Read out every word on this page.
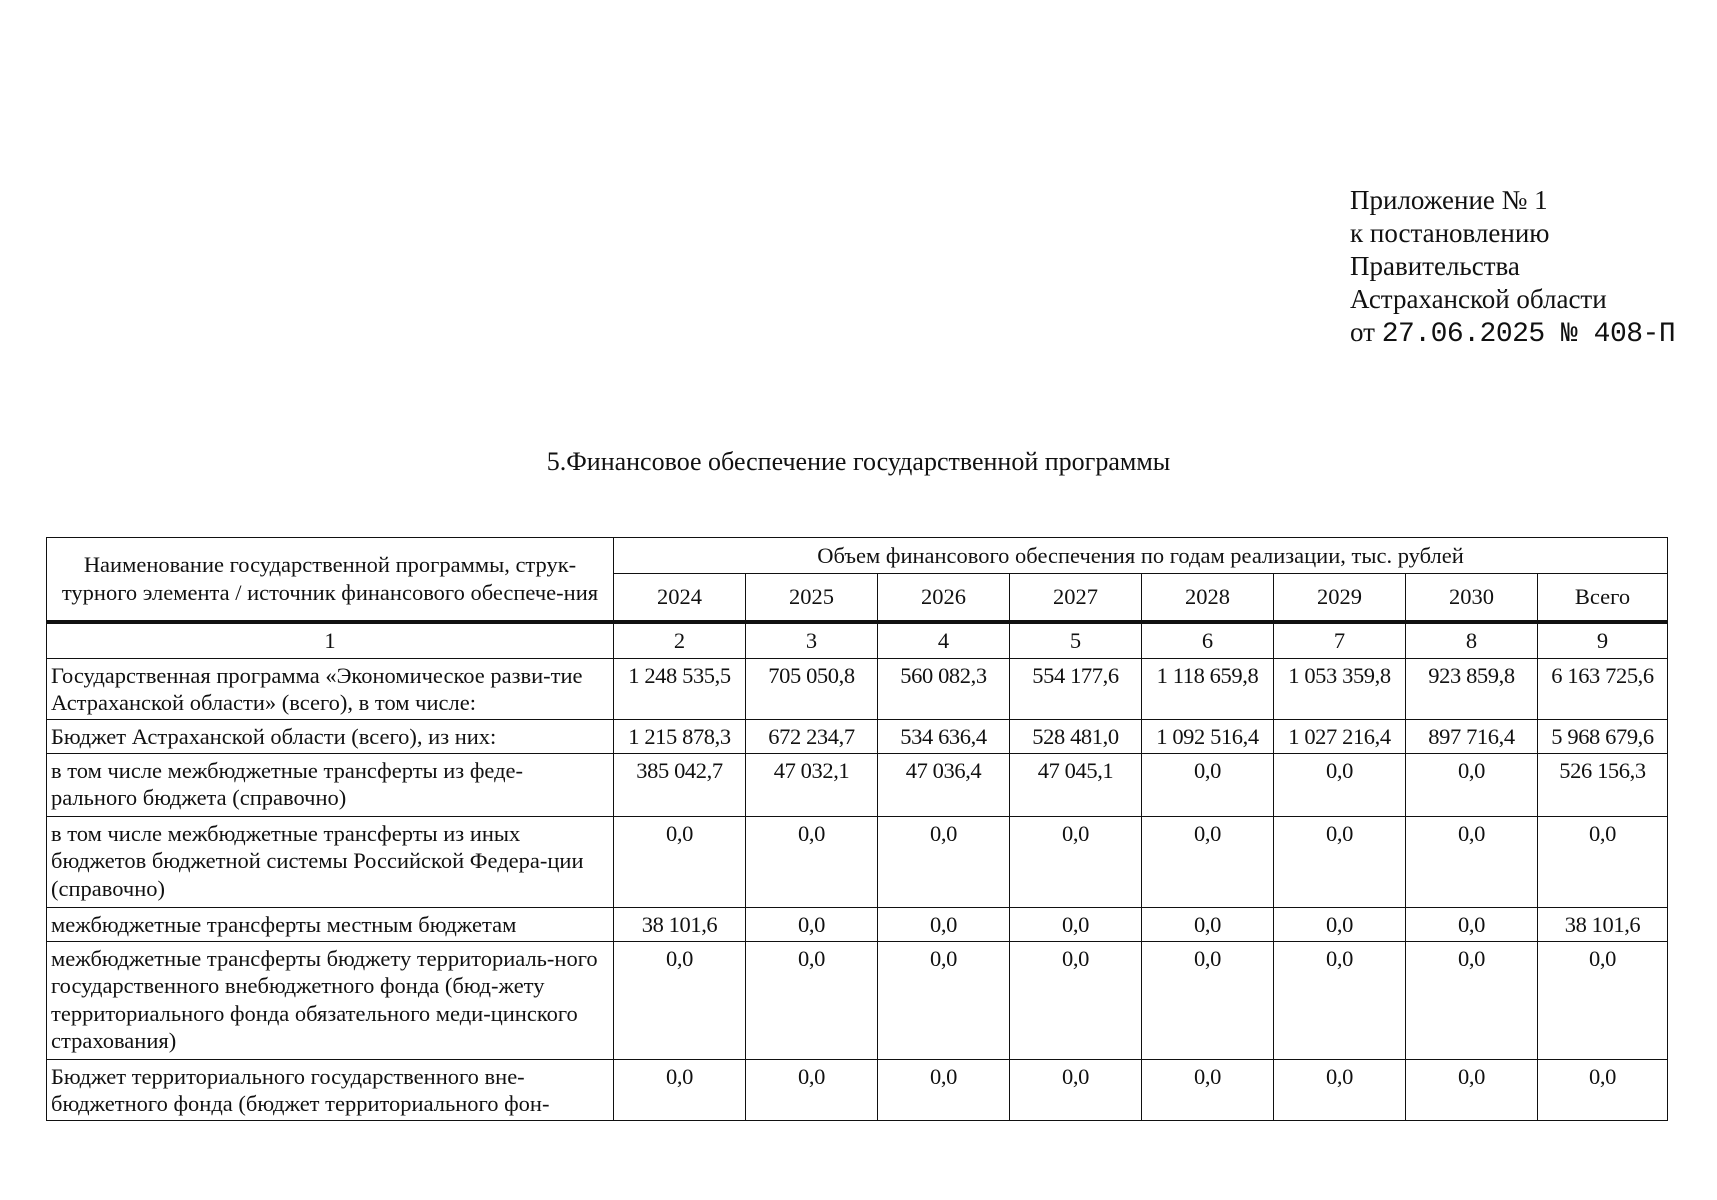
Приложение № 1
к постановлению
Правительства
Астраханской области
от 27.06.2025 № 408-П
5.Финансовое обеспечение государственной программы
Наименование государственной программы, струк-турного элемента / источник финансового обеспече-ния	Объем финансового обеспечения по годам реализации, тыс. рублей							
	2024	2025	2026	2027	2028	2029	2030	Всего
1	2	3	4	5	6	7	8	9
Государственная программа «Экономическое разви-тие Астраханской области» (всего), в том числе:	1 248 535,5	705 050,8	560 082,3	554 177,6	1 118 659,8	1 053 359,8	923 859,8	6 163 725,6
Бюджет Астраханской области (всего), из них:	1 215 878,3	672 234,7	534 636,4	528 481,0	1 092 516,4	1 027 216,4	897 716,4	5 968 679,6
в том числе межбюджетные трансферты из феде-рального бюджета (справочно)	385 042,7	47 032,1	47 036,4	47 045,1	0,0	0,0	0,0	526 156,3
в том числе межбюджетные трансферты из иных бюджетов бюджетной системы Российской Федера-ции (справочно)	0,0	0,0	0,0	0,0	0,0	0,0	0,0	0,0
межбюджетные трансферты местным бюджетам	38 101,6	0,0	0,0	0,0	0,0	0,0	0,0	38 101,6
межбюджетные трансферты бюджету территориаль-ного государственного внебюджетного фонда (бюд-жету территориального фонда обязательного меди-цинского страхования)	0,0	0,0	0,0	0,0	0,0	0,0	0,0	0,0
Бюджет территориального государственного вне-бюджетного фонда (бюджет территориального фон-	0,0	0,0	0,0	0,0	0,0	0,0	0,0	0,0
